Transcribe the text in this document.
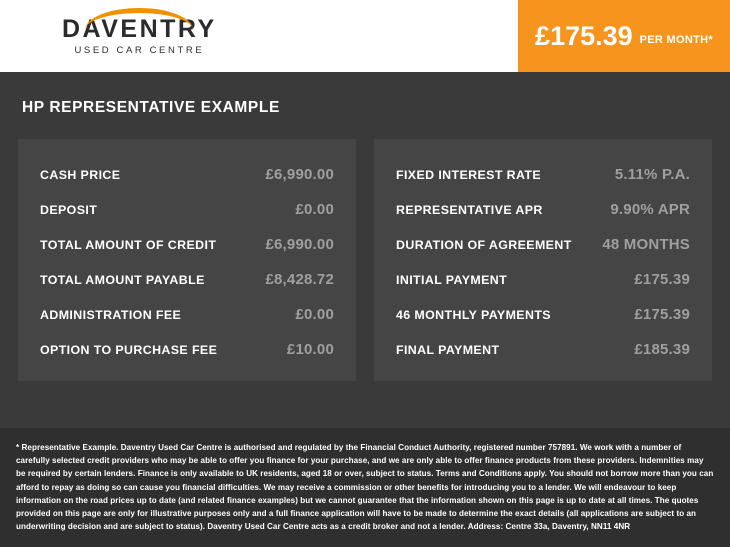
DAVENTRY
USED CAR CENTRE	£175.39 PER MONTH*
HP REPRESENTATIVE EXAMPLE
CASH PRICE	£6,990.00
DEPOSIT	£0.00
TOTAL AMOUNT OF CREDIT	£6,990.00
TOTAL AMOUNT PAYABLE	£8,428.72
ADMINISTRATION FEE	£0.00
OPTION TO PURCHASE FEE	£10.00
FIXED INTEREST RATE	5.11% P.A.
REPRESENTATIVE APR	9.90% APR
DURATION OF AGREEMENT 48 MONTHS
INITIAL PAYMENT	£175.39
46 MONTHLY PAYMENTS	£175.39
FINAL PAYMENT	£185.39

* Representative Example. Daventry Used Car Centre is authorised and regulated by the Financial Conduct Authority, registered number 757891. We work with a number of carefully selected credit providers who may be able to offer you finance for your purchase, and we are only able to offer finance products from these providers. Indemnities may be required by certain lenders. Finance is only available to UK residents, aged 18 or over, subject to status. Terms and Conditions apply. You should not borrow more than you can afford to repay as doing so can cause you financial difficulties. We may receive a commission or other benefits for introducing you to a lender. We will endeavour to keep information on the road prices up to date (and related finance examples) but we cannot guarantee that the information shown on this page is up to date at all times. The quotes provided on this page are only for illustrative purposes only and a full finance application will have to be made to determine the exact details (all applications are subject to an underwriting decision and are subject to status). Daventry Used Car Centre acts as a credit broker and not a lender. Address: Centre 33a, Daventry, NN11 4NR
